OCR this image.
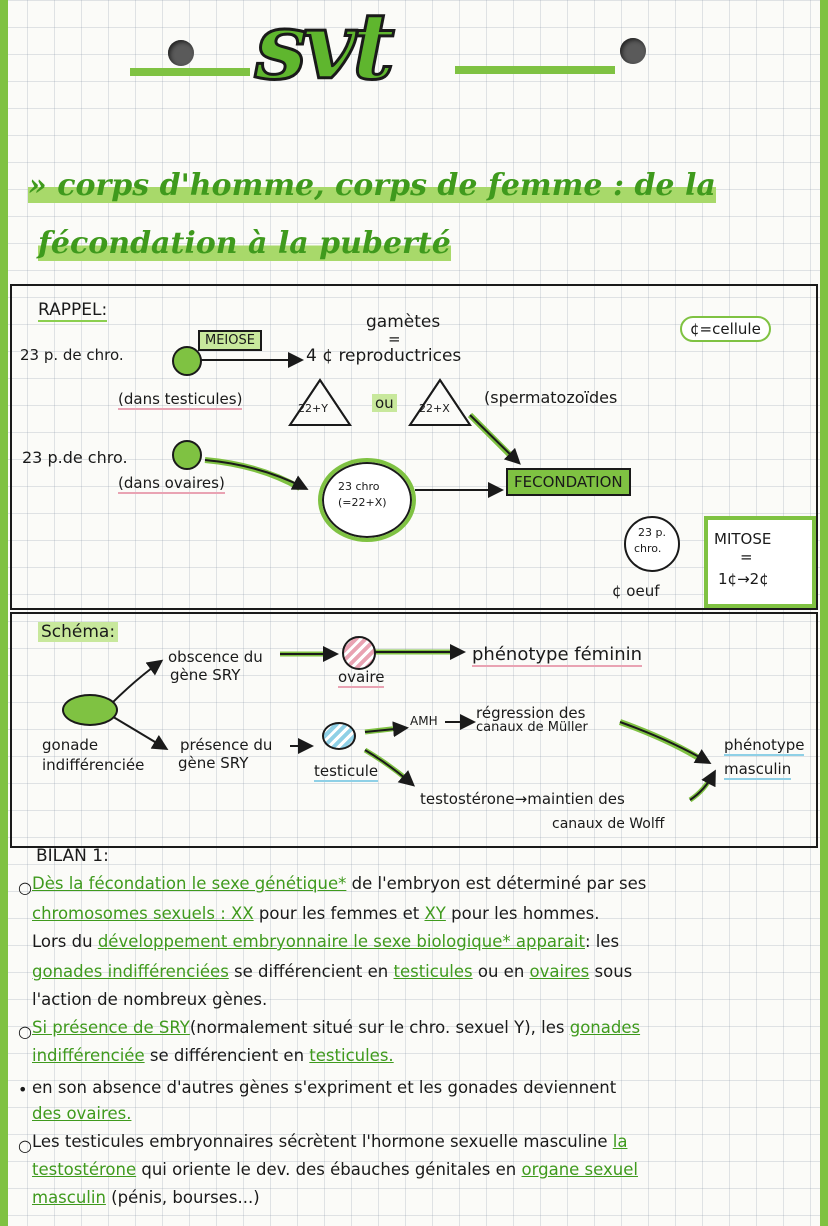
svt
» corps d'homme, corps de femme : de la
fécondation à la puberté
RAPPEL:
23 p. de chro.
MEIOSE
(dans testicules)
gamètes
=
4 ¢ reproductrices
22+Y	ou 22+X
(spermatozoïdes
¢=cellule
23 p.de chro.
(dans ovaires)	23 chro
(=22+X)
FECONDATION
23 p.
chro.
¢ oeuf
MITOSE
=
1¢→2¢
Schéma:
gonade
indifférenciée
obscence du
gène SRY	ovaire
phénotype féminin
présence du
gène SRY	testicule
AMH	régression des
canaux de Müller
phénotype
masculin
testostérone→maintien des
canaux de Wolff
BILAN 1:
○ Dès la fécondation le sexe génétique* de l'embryon est déterminé par ses
chromosomes sexuels : XX pour les femmes et XY pour les hommes.
Lors du développement embryonnaire le sexe biologique* apparait: les
gonades indifférenciées se différencient en testicules ou en ovaires sous
l'action de nombreux gènes.
○ Si présence de SRY(normalement situé sur le chro. sexuel Y), les gonades
indifférenciée se différencient en testicules.
• en son absence d'autres gènes s'expriment et les gonades deviennent
des ovaires.
○ Les testicules embryonnaires sécrètent l'hormone sexuelle masculine la
testostérone qui oriente le dev. des ébauches génitales en organe sexuel
masculin (pénis, bourses...)
